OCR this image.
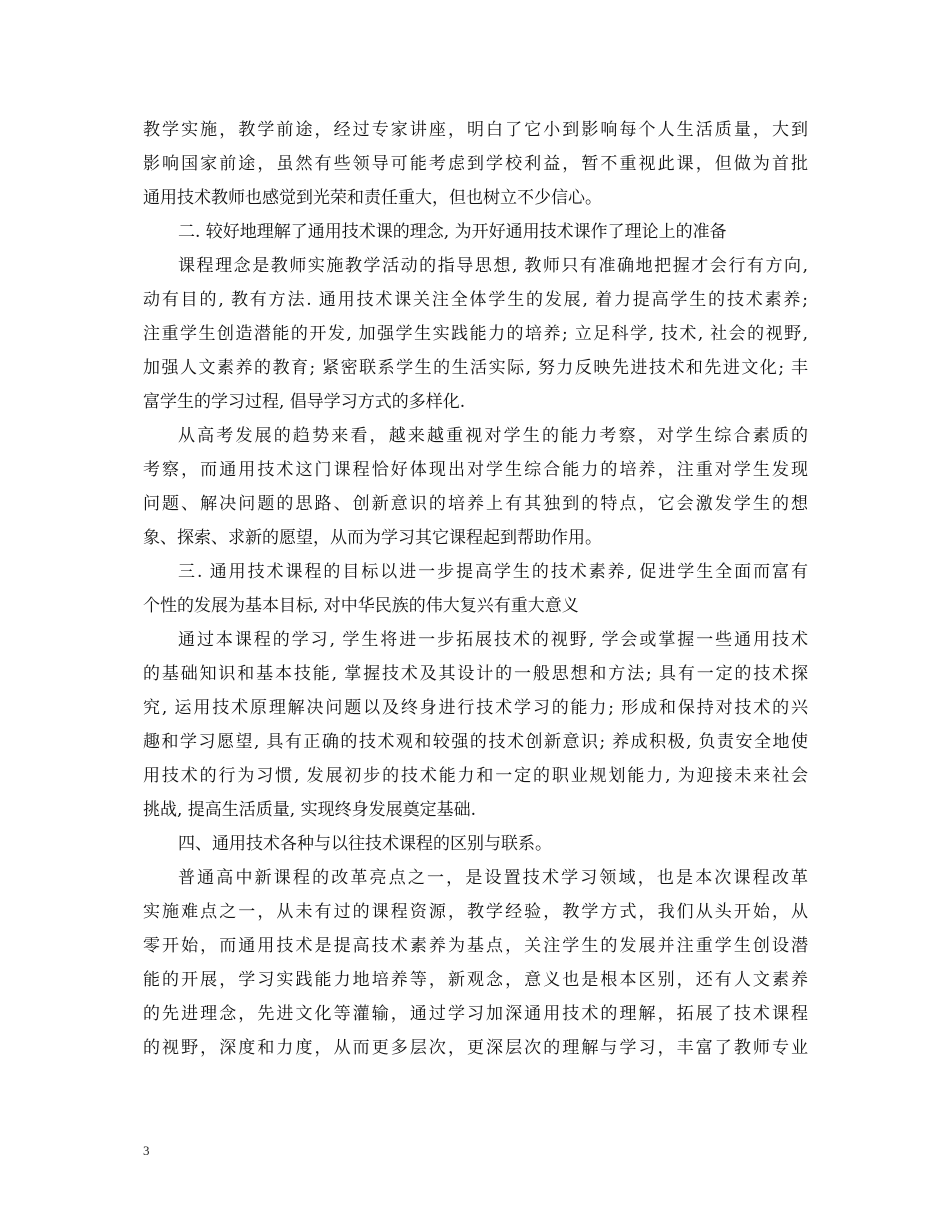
教学实施，教学前途，经过专家讲座，明白了它小到影响每个人生活质量，大到
影响国家前途，虽然有些领导可能考虑到学校利益，暂不重视此课，但做为首批
通用技术教师也感觉到光荣和责任重大，但也树立不少信心。
二. 较好地理解了通用技术课的理念, 为开好通用技术课作了理论上的准备
课程理念是教师实施教学活动的指导思想, 教师只有准确地把握才会行有方向,
动有目的, 教有方法. 通用技术课关注全体学生的发展, 着力提高学生的技术素养;
注重学生创造潜能的开发, 加强学生实践能力的培养; 立足科学, 技术, 社会的视野,
加强人文素养的教育; 紧密联系学生的生活实际, 努力反映先进技术和先进文化; 丰
富学生的学习过程, 倡导学习方式的多样化.
从高考发展的趋势来看，越来越重视对学生的能力考察，对学生综合素质的
考察，而通用技术这门课程恰好体现出对学生综合能力的培养，注重对学生发现
问题、解决问题的思路、创新意识的培养上有其独到的特点，它会激发学生的想
象、探索、求新的愿望，从而为学习其它课程起到帮助作用。
三. 通用技术课程的目标以进一步提高学生的技术素养, 促进学生全面而富有
个性的发展为基本目标, 对中华民族的伟大复兴有重大意义
通过本课程的学习, 学生将进一步拓展技术的视野, 学会或掌握一些通用技术
的基础知识和基本技能, 掌握技术及其设计的一般思想和方法; 具有一定的技术探
究, 运用技术原理解决问题以及终身进行技术学习的能力; 形成和保持对技术的兴
趣和学习愿望, 具有正确的技术观和较强的技术创新意识; 养成积极, 负责安全地使
用技术的行为习惯, 发展初步的技术能力和一定的职业规划能力, 为迎接未来社会
挑战, 提高生活质量, 实现终身发展奠定基础.
四、通用技术各种与以往技术课程的区别与联系。
普通高中新课程的改革亮点之一，是设置技术学习领域，也是本次课程改革
实施难点之一，从未有过的课程资源，教学经验，教学方式，我们从头开始，从
零开始，而通用技术是提高技术素养为基点，关注学生的发展并注重学生创设潜
能的开展，学习实践能力地培养等，新观念，意义也是根本区别，还有人文素养
的先进理念，先进文化等灌输，通过学习加深通用技术的理解，拓展了技术课程
的视野，深度和力度，从而更多层次，更深层次的理解与学习，丰富了教师专业
3
